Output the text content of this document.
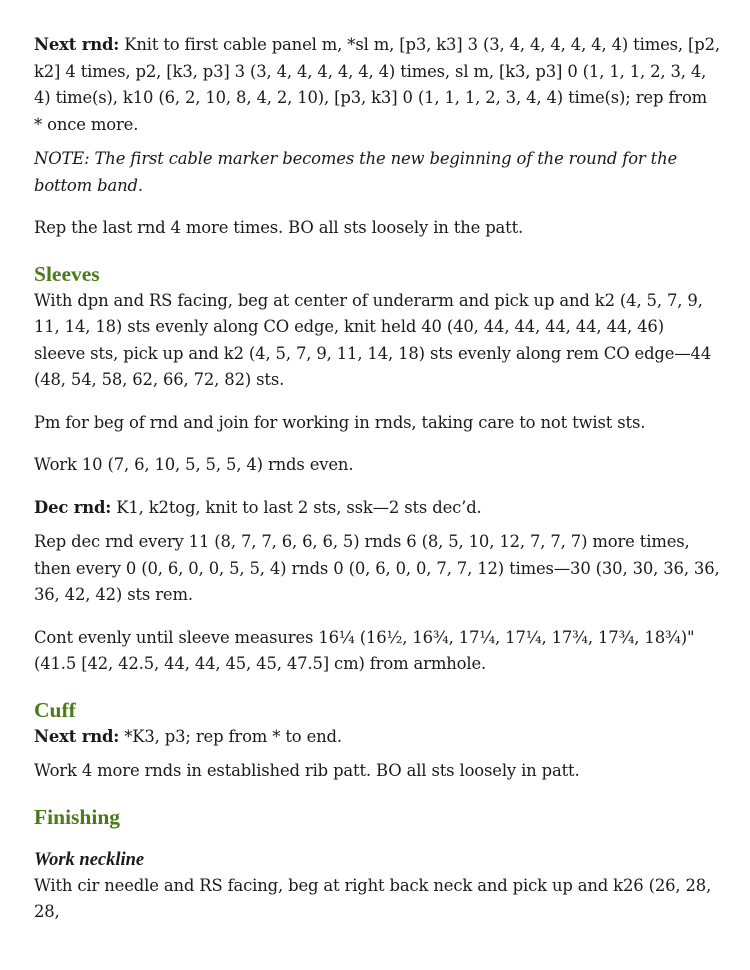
Next rnd: Knit to first cable panel m, *sl m, [p3, k3] 3 (3, 4, 4, 4, 4, 4, 4) times, [p2, k2] 4 times, p2, [k3, p3] 3 (3, 4, 4, 4, 4, 4, 4) times, sl m, [k3, p3] 0 (1, 1, 1, 2, 3, 4, 4) time(s), k10 (6, 2, 10, 8, 4, 2, 10), [p3, k3] 0 (1, 1, 1, 2, 3, 4, 4) time(s); rep from * once more.

NOTE: The first cable marker becomes the new beginning of the round for the bottom band.

Rep the last rnd 4 more times. BO all sts loosely in the patt.

Sleeves

With dpn and RS facing, beg at center of underarm and pick up and k2 (4, 5, 7, 9, 11, 14, 18) sts evenly along CO edge, knit held 40 (40, 44, 44, 44, 44, 44, 46) sleeve sts, pick up and k2 (4, 5, 7, 9, 11, 14, 18) sts evenly along rem CO edge—44 (48, 54, 58, 62, 66, 72, 82) sts.

Pm for beg of rnd and join for working in rnds, taking care to not twist sts.

Work 10 (7, 6, 10, 5, 5, 5, 4) rnds even.

Dec rnd: K1, k2tog, knit to last 2 sts, ssk—2 sts dec’d.

Rep dec rnd every 11 (8, 7, 7, 6, 6, 6, 5) rnds 6 (8, 5, 10, 12, 7, 7, 7) more times, then every 0 (0, 6, 0, 0, 5, 5, 4) rnds 0 (0, 6, 0, 0, 7, 7, 12) times—30 (30, 30, 36, 36, 36, 42, 42) sts rem.

Cont evenly until sleeve measures 16¼ (16½, 16¾, 17¼, 17¼, 17¾, 17¾, 18¾)" (41.5 [42, 42.5, 44, 44, 45, 45, 47.5] cm) from armhole.

Cuff

Next rnd: *K3, p3; rep from * to end.

Work 4 more rnds in established rib patt. BO all sts loosely in patt.

Finishing
Work neckline

With cir needle and RS facing, beg at right back neck and pick up and k26 (26, 28, 28,
